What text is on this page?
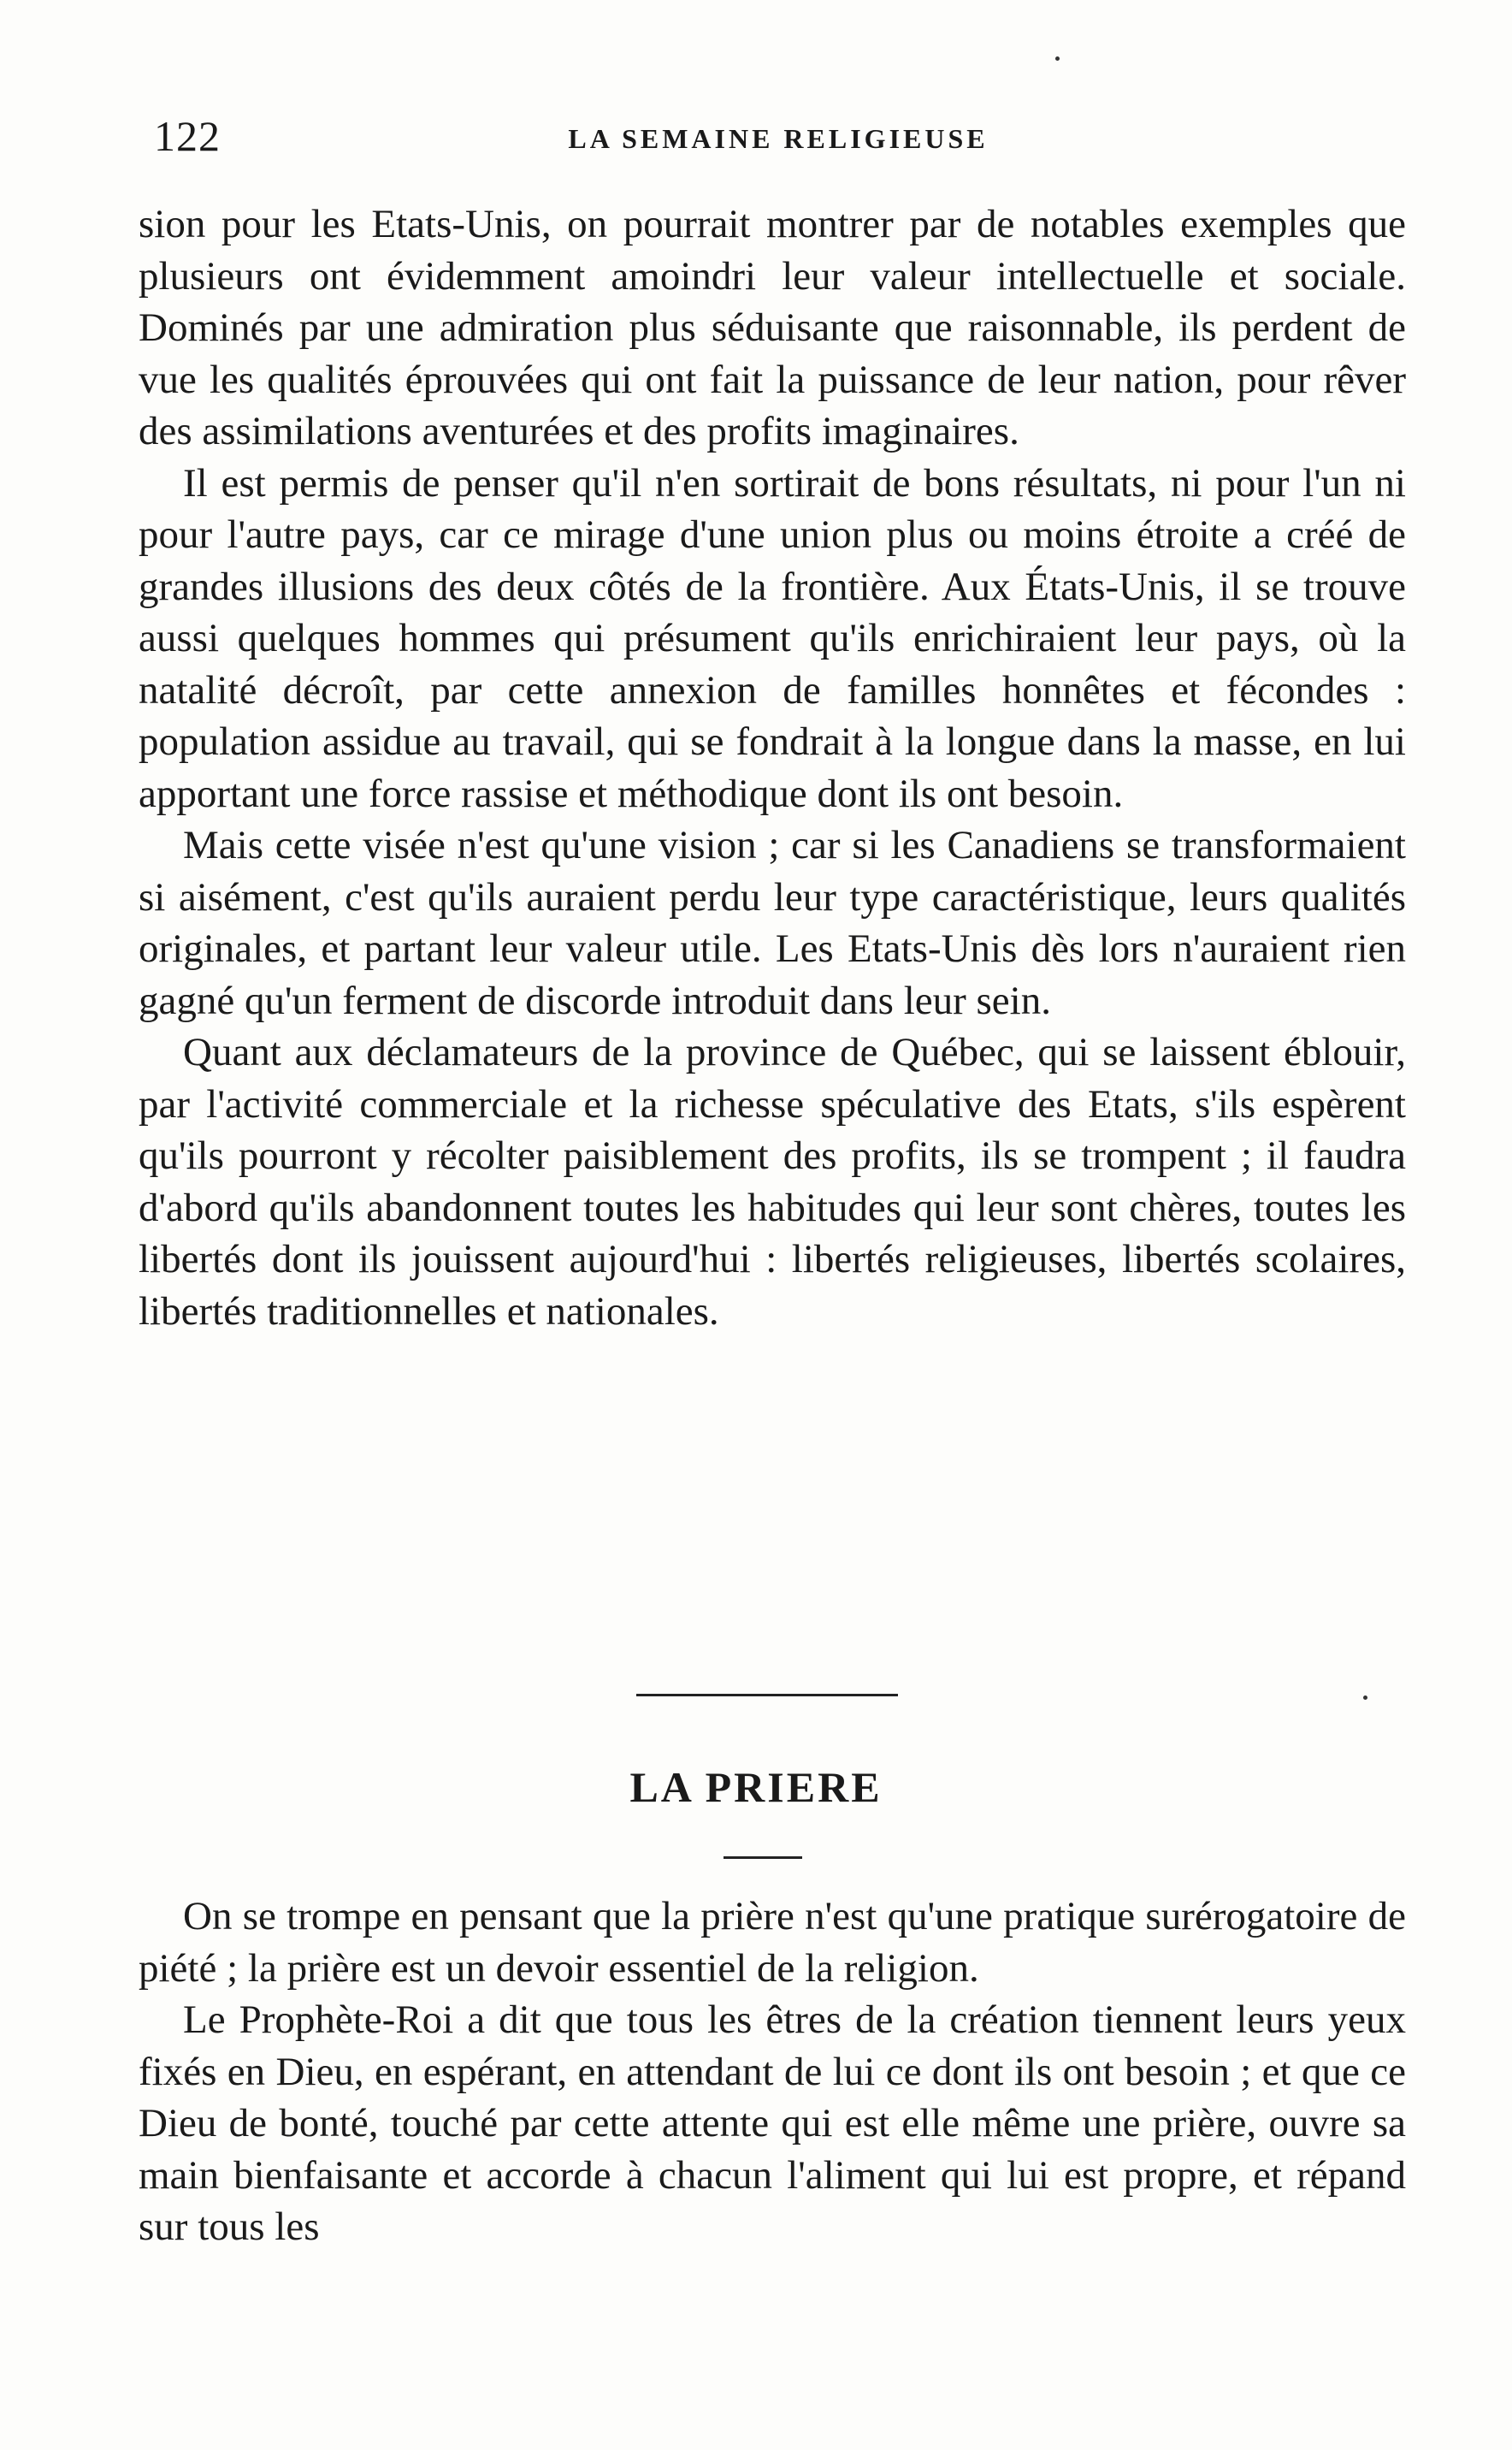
122	LA SEMAINE RELIGIEUSE

sion pour les Etats-Unis, on pourrait montrer par de notables exemples que plusieurs ont évidemment amoindri leur valeur intellectuelle et sociale. Dominés par une admiration plus séduisante que raisonnable, ils perdent de vue les qualités éprouvées qui ont fait la puissance de leur nation, pour rêver des assimilations aventurées et des profits imaginaires.

Il est permis de penser qu'il n'en sortirait de bons résultats, ni pour l'un ni pour l'autre pays, car ce mirage d'une union plus ou moins étroite a créé de grandes illusions des deux côtés de la frontière. Aux États-Unis, il se trouve aussi quelques hommes qui présument qu'ils enrichiraient leur pays, où la natalité décroît, par cette annexion de familles honnêtes et fécondes : population assidue au travail, qui se fondrait à la longue dans la masse, en lui apportant une force rassise et méthodique dont ils ont besoin.

Mais cette visée n'est qu'une vision ; car si les Canadiens se transformaient si aisément, c'est qu'ils auraient perdu leur type caractéristique, leurs qualités originales, et partant leur valeur utile. Les Etats-Unis dès lors n'auraient rien gagné qu'un ferment de discorde introduit dans leur sein.

Quant aux déclamateurs de la province de Québec, qui se laissent éblouir, par l'activité commerciale et la richesse spéculative des Etats, s'ils espèrent qu'ils pourront y récolter paisiblement des profits, ils se trompent ; il faudra d'abord qu'ils abandonnent toutes les habitudes qui leur sont chères, toutes les libertés dont ils jouissent aujourd'hui : libertés religieuses, libertés scolaires, libertés traditionnelles et nationales.

LA PRIERE

On se trompe en pensant que la prière n'est qu'une pratique surérogatoire de piété ; la prière est un devoir essentiel de la religion.

Le Prophète-Roi a dit que tous les êtres de la création tiennent leurs yeux fixés en Dieu, en espérant, en attendant de lui ce dont ils ont besoin ; et que ce Dieu de bonté, touché par cette attente qui est elle même une prière, ouvre sa main bienfaisante et accorde à chacun l'aliment qui lui est propre, et répand sur tous les
